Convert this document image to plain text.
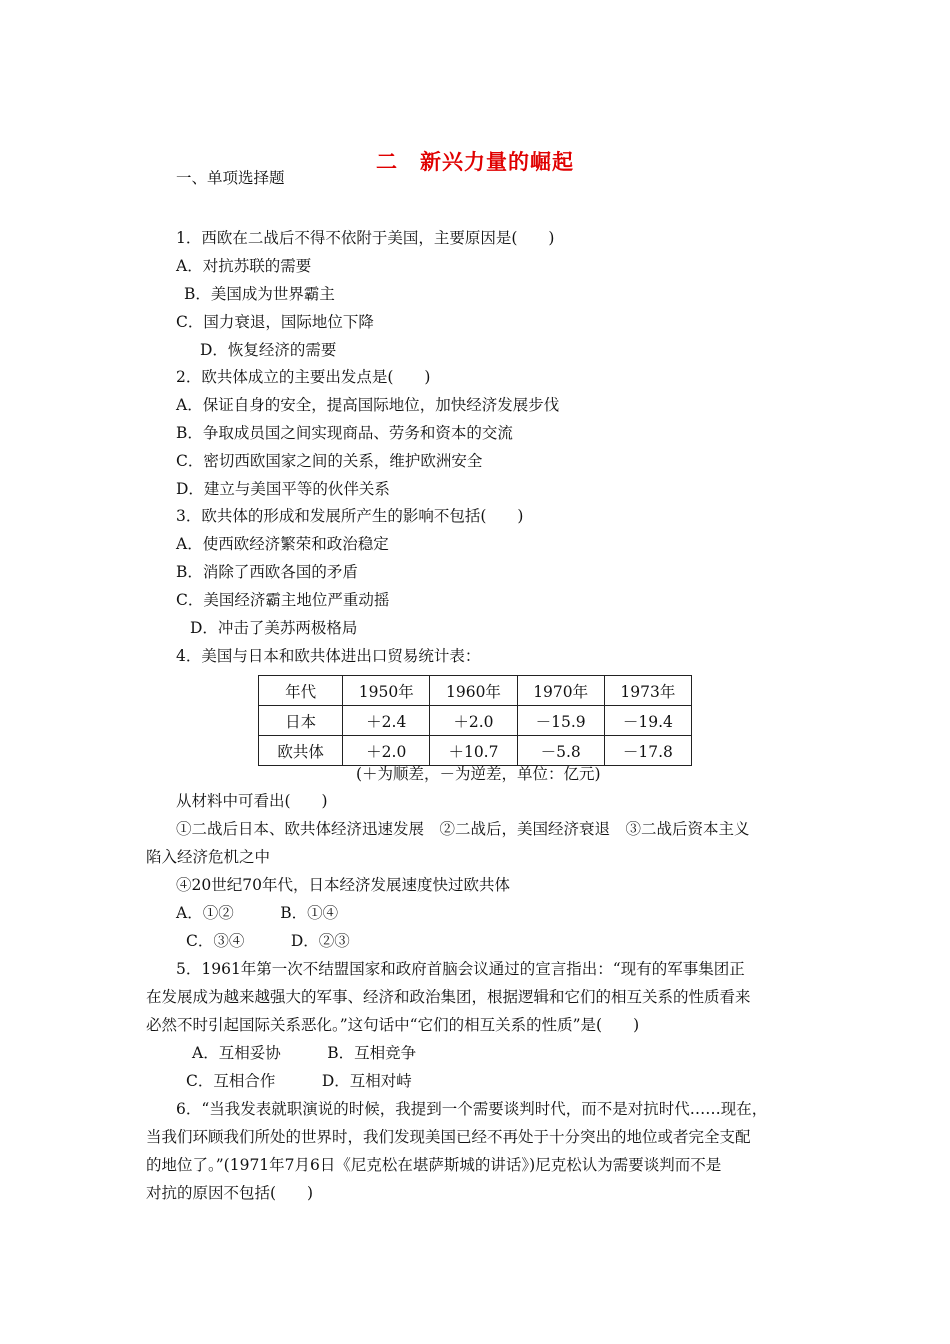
二 新兴力量的崛起
一、单项选择题
1．西欧在二战后不得不依附于美国，主要原因是(　　)
A．对抗苏联的需要
B．美国成为世界霸主
C．国力衰退，国际地位下降
D．恢复经济的需要
2．欧共体成立的主要出发点是(　　)
A．保证自身的安全，提高国际地位，加快经济发展步伐
B．争取成员国之间实现商品、劳务和资本的交流
C．密切西欧国家之间的关系，维护欧洲安全
D．建立与美国平等的伙伴关系
3．欧共体的形成和发展所产生的影响不包括(　　)
A．使西欧经济繁荣和政治稳定
B．消除了西欧各国的矛盾
C．美国经济霸主地位严重动摇
D．冲击了美苏两极格局
4．美国与日本和欧共体进出口贸易统计表：
年代	1950年	1960年	1970年	1973年
日本	＋2.4	＋2.0	－15.9	－19.4
欧共体	＋2.0	＋10.7	－5.8	－17.8
(＋为顺差，－为逆差，单位：亿元)
从材料中可看出(　　)
①二战后日本、欧共体经济迅速发展　②二战后，美国经济衰退　③二战后资本主义
陷入经济危机之中
④20世纪70年代，日本经济发展速度快过欧共体
A．①②　　　B．①④
C．③④　　　D．②③
5．1961年第一次不结盟国家和政府首脑会议通过的宣言指出：“现有的军事集团正
在发展成为越来越强大的军事、经济和政治集团，根据逻辑和它们的相互关系的性质看来
必然不时引起国际关系恶化。”这句话中“它们的相互关系的性质”是(　　)
A．互相妥协　　　B．互相竞争
C．互相合作　　　D．互相对峙
6．“当我发表就职演说的时候，我提到一个需要谈判时代，而不是对抗时代……现在，
当我们环顾我们所处的世界时，我们发现美国已经不再处于十分突出的地位或者完全支配
的地位了。”(1971年7月6日《尼克松在堪萨斯城的讲话》)尼克松认为需要谈判而不是
对抗的原因不包括(　　)
